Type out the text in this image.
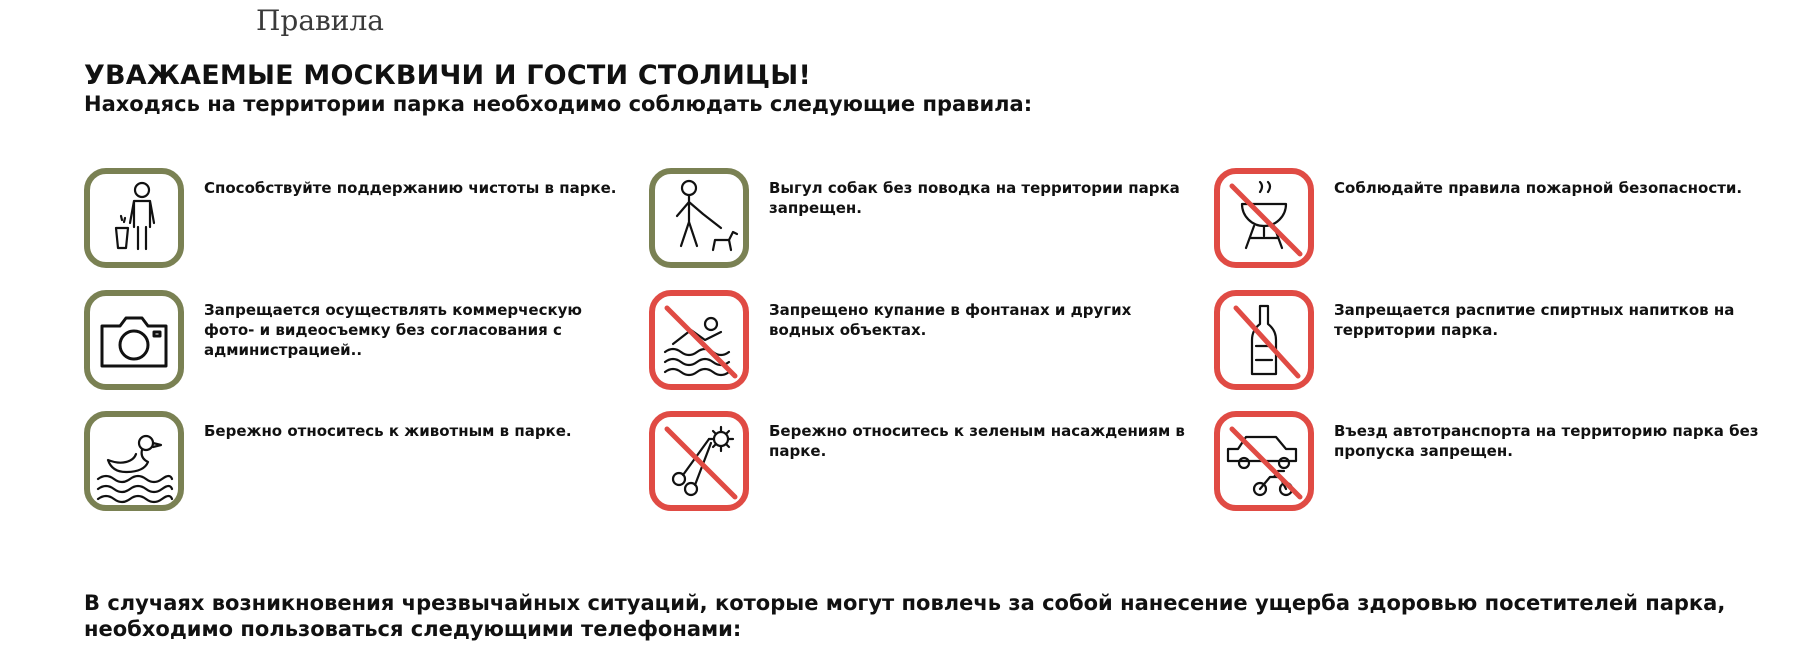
Правила
УВАЖАЕМЫЕ МОСКВИЧИ И ГОСТИ СТОЛИЦЫ!
Находясь на территории парка необходимо соблюдать следующие правила:
Способствуйте поддержанию чистоты в парке.	Выгул собак без поводка на территории парка запрещен.
Соблюдайте правила пожарной безопасности.
Запрещается осуществлять коммерческую фото- и видеосъемку без согласования с администрацией..
Запрещено купание в фонтанах и других водных объектах.
Запрещается распитие спиртных напитков на территории парка.
Бережно относитесь к животным в парке.	Бережно относитесь к зеленым насаждениям в парке.
Въезд автотранспорта на территорию парка без пропуска запрещен.
В случаях возникновения чрезвычайных ситуаций, которые могут повлечь за собой нанесение ущерба здоровью посетителей парка, необходимо пользоваться следующими телефонами:
